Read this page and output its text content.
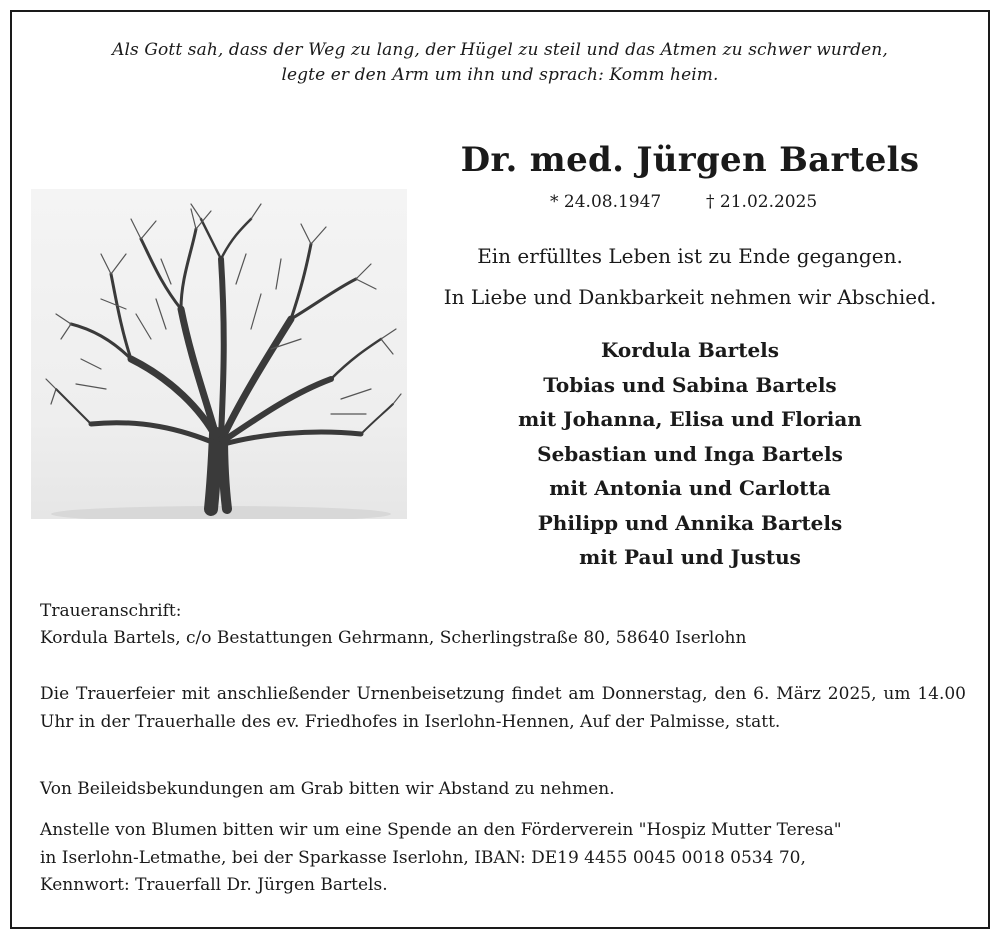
Als Gott sah, dass der Weg zu lang, der Hügel zu steil und das Atmen zu schwer wurden,
legte er den Arm um ihn und sprach: Komm heim.
Dr. med. Jürgen Bartels
* 24.08.1947	† 21.02.2025
Ein erfülltes Leben ist zu Ende gegangen.
In Liebe und Dankbarkeit nehmen wir Abschied.
Kordula Bartels
Tobias und Sabina Bartels
mit Johanna, Elisa und Florian
Sebastian und Inga Bartels
mit Antonia und Carlotta
Philipp und Annika Bartels
mit Paul und Justus
Traueranschrift:
Kordula Bartels, c/o Bestattungen Gehrmann, Scherlingstraße 80, 58640 Iserlohn
Die Trauerfeier mit anschließender Urnenbeisetzung findet am Donnerstag, den 6. März 2025, um 14.00 Uhr in der Trauerhalle des ev. Friedhofes in Iserlohn-Hennen, Auf der Palmisse, statt.
Von Beileidsbekundungen am Grab bitten wir Abstand zu nehmen.
Anstelle von Blumen bitten wir um eine Spende an den Förderverein "Hospiz Mutter Teresa"
in Iserlohn-Letmathe, bei der Sparkasse Iserlohn, IBAN: DE19 4455 0045 0018 0534 70,
Kennwort: Trauerfall Dr. Jürgen Bartels.
